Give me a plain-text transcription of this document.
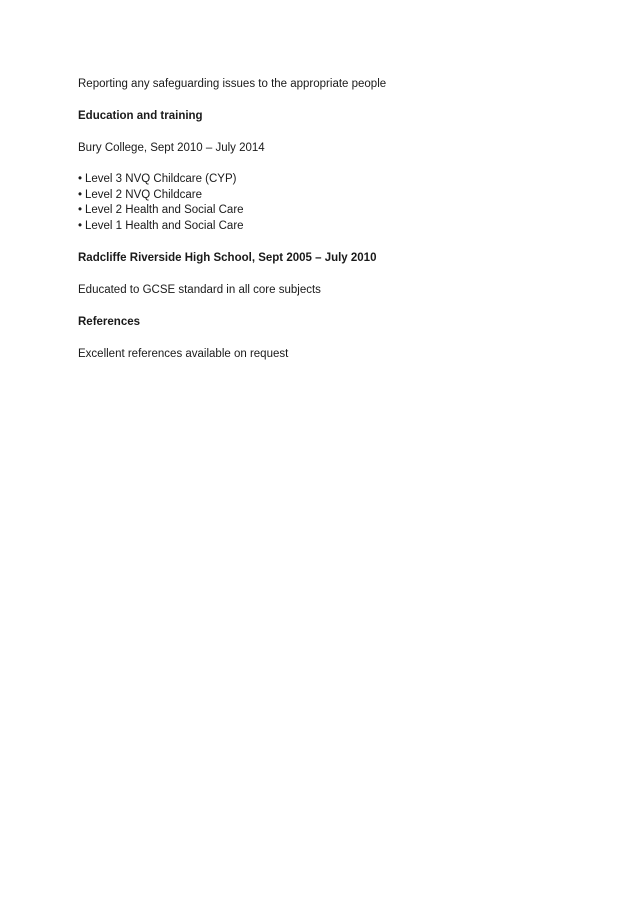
Reporting any safeguarding issues to the appropriate people

Education and training

Bury College, Sept 2010 – July 2014

• Level 3 NVQ Childcare (CYP)
• Level 2 NVQ Childcare
• Level 2 Health and Social Care
• Level 1 Health and Social Care

Radcliffe Riverside High School, Sept 2005 – July 2010

Educated to GCSE standard in all core subjects

References

Excellent references available on request
